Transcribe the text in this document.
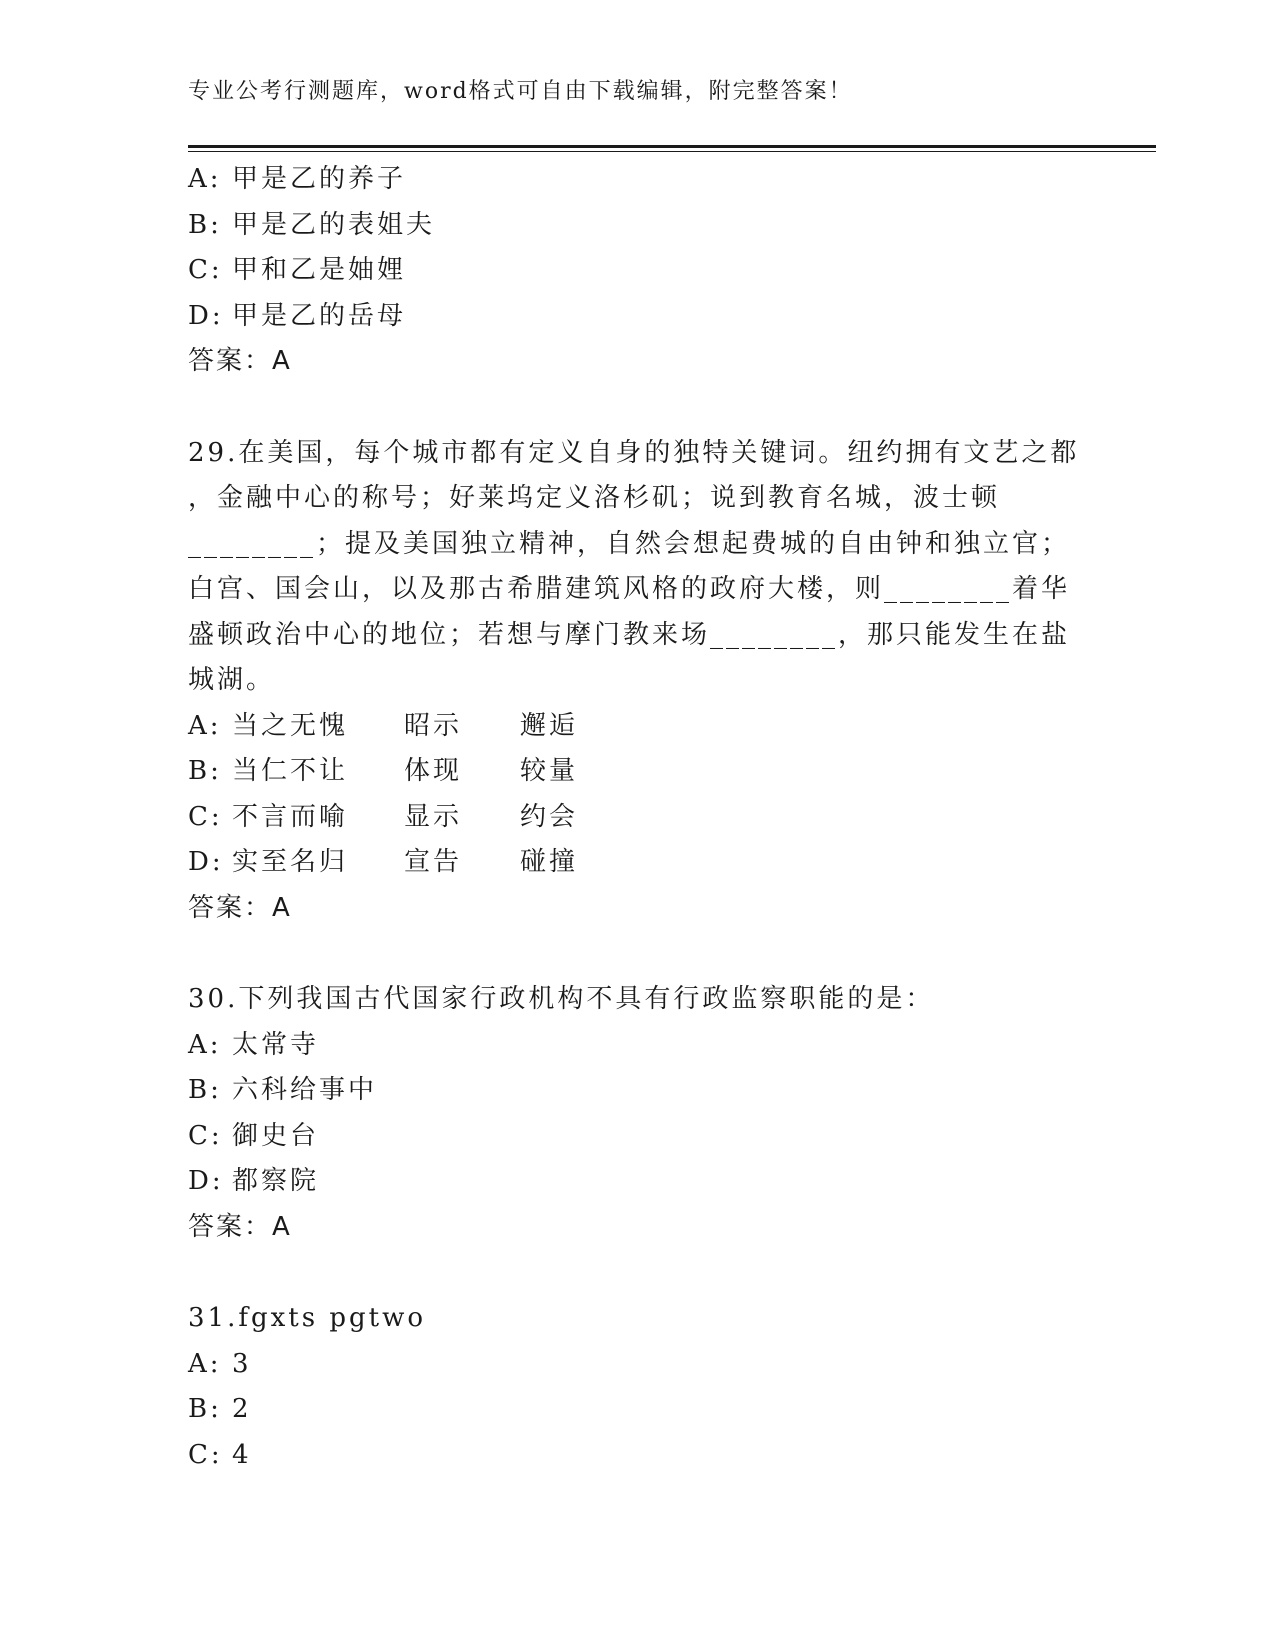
专业公考行测题库，word格式可自由下载编辑，附完整答案！
A: 甲是乙的养子
B: 甲是乙的表姐夫
C: 甲和乙是妯娌
D: 甲是乙的岳母
答案：A
29.在美国，每个城市都有定义自身的独特关键词。纽约拥有文艺之都
，金融中心的称号；好莱坞定义洛杉矶；说到教育名城，波士顿
________；提及美国独立精神，自然会想起费城的自由钟和独立官；
白宫、国会山，以及那古希腊建筑风格的政府大楼，则________着华
盛顿政治中心的地位；若想与摩门教来场________，那只能发生在盐
城湖。
A: 当之无愧 昭示 邂逅
B: 当仁不让 体现 较量
C: 不言而喻 显示 约会
D: 实至名归 宣告 碰撞
答案：A
30.下列我国古代国家行政机构不具有行政监察职能的是：
A: 太常寺
B: 六科给事中
C: 御史台
D: 都察院
答案：A
31.fgxts pgtwo
A: 3
B: 2
C: 4
